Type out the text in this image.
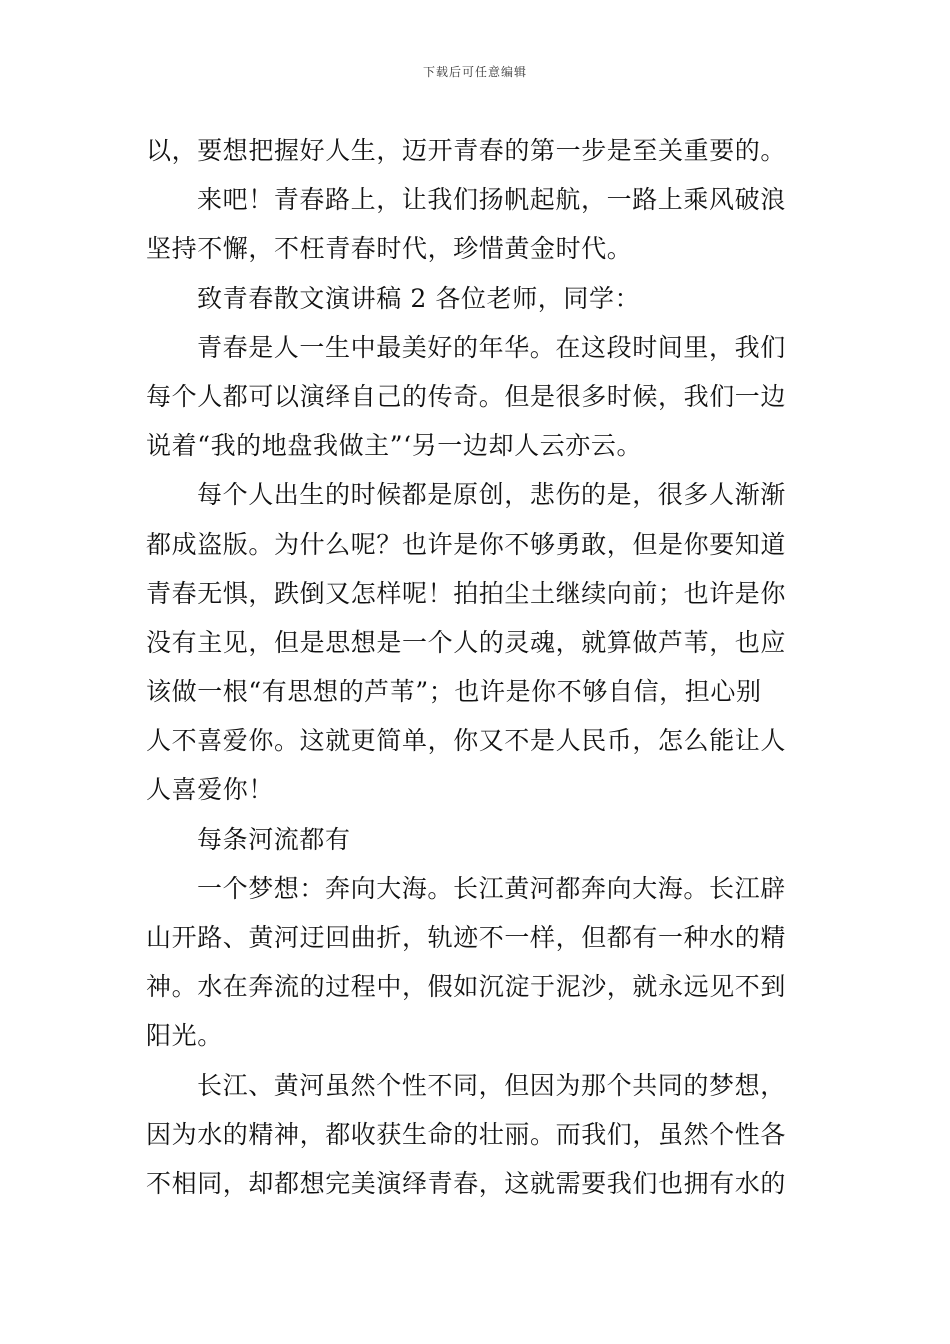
下载后可任意编辑
以，要想把握好人生，迈开青春的第一步是至关重要的。
来吧！青春路上，让我们扬帆起航，一路上乘风破浪
坚持不懈，不枉青春时代，珍惜黄金时代。
致青春散文演讲稿 2 各位老师，同学：
青春是人一生中最美好的年华。在这段时间里，我们
每个人都可以演绎自己的传奇。但是很多时候，我们一边
说着“我的地盘我做主”‘另一边却人云亦云。
每个人出生的时候都是原创，悲伤的是，很多人渐渐
都成盗版。为什么呢？也许是你不够勇敢，但是你要知道
青春无惧，跌倒又怎样呢！拍拍尘土继续向前；也许是你
没有主见，但是思想是一个人的灵魂，就算做芦苇，也应
该做一根“有思想的芦苇”；也许是你不够自信，担心别
人不喜爱你。这就更简单，你又不是人民币，怎么能让人
人喜爱你！
每条河流都有
一个梦想：奔向大海。长江黄河都奔向大海。长江辟
山开路、黄河迂回曲折，轨迹不一样，但都有一种水的精
神。水在奔流的过程中，假如沉淀于泥沙，就永远见不到
阳光。
长江、黄河虽然个性不同，但因为那个共同的梦想，
因为水的精神，都收获生命的壮丽。而我们，虽然个性各
不相同，却都想完美演绎青春，这就需要我们也拥有水的
